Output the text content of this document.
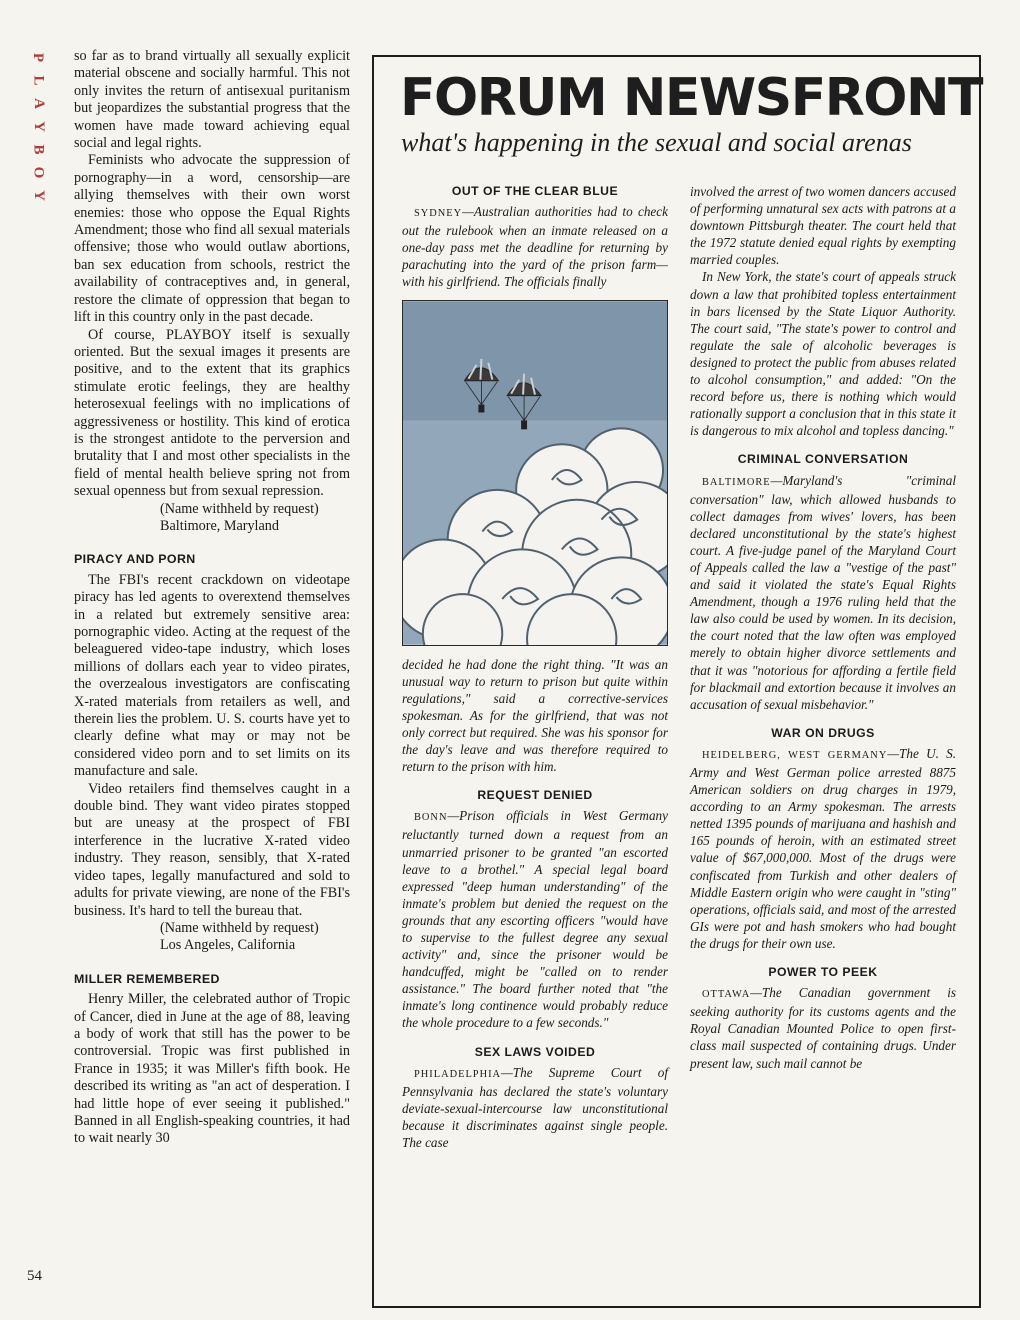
P
L
A
Y
B
O
Y
54

so far as to brand virtually all sexually explicit material obscene and socially harmful. This not only invites the return of antisexual puritanism but jeopardizes the substantial progress that the women have made toward achieving equal social and legal rights.

Feminists who advocate the suppression of pornography—in a word, censorship—are allying themselves with their own worst enemies: those who oppose the Equal Rights Amendment; those who find all sexual materials offensive; those who would outlaw abortions, ban sex education from schools, restrict the availability of contraceptives and, in general, restore the climate of oppression that began to lift in this country only in the past decade.

Of course, PLAYBOY itself is sexually oriented. But the sexual images it presents are positive, and to the extent that its graphics stimulate erotic feelings, they are healthy heterosexual feelings with no implications of aggressiveness or hostility. This kind of erotica is the strongest antidote to the perversion and brutality that I and most other specialists in the field of mental health believe spring not from sexual openness but from sexual repression.

(Name withheld by request)
Baltimore, Maryland
PIRACY AND PORN

The FBI's recent crackdown on videotape piracy has led agents to overextend themselves in a related but extremely sensitive area: pornographic video. Acting at the request of the beleaguered video-tape industry, which loses millions of dollars each year to video pirates, the overzealous investigators are confiscating X-rated materials from retailers as well, and therein lies the problem. U. S. courts have yet to clearly define what may or may not be considered video porn and to set limits on its manufacture and sale.

Video retailers find themselves caught in a double bind. They want video pirates stopped but are uneasy at the prospect of FBI interference in the lucrative X-rated video industry. They reason, sensibly, that X-rated video tapes, legally manufactured and sold to adults for private viewing, are none of the FBI's business. It's hard to tell the bureau that.

(Name withheld by request)
Los Angeles, California
MILLER REMEMBERED

Henry Miller, the celebrated author of Tropic of Cancer, died in June at the age of 88, leaving a body of work that still has the power to be controversial. Tropic was first published in France in 1935; it was Miller's fifth book. He described its writing as "an act of desperation. I had little hope of ever seeing it published." Banned in all English-speaking countries, it had to wait nearly 30

FORUM NEWSFRONT
what's happening in the sexual and social arenas
OUT OF THE CLEAR BLUE

SYDNEY—Australian authorities had to check out the rulebook when an inmate released on a one-day pass met the deadline for returning by parachuting into the yard of the prison farm—with his girlfriend. The officials finally

decided he had done the right thing. "It was an unusual way to return to prison but quite within regulations," said a corrective-services spokesman. As for the girlfriend, that was not only correct but required. She was his sponsor for the day's leave and was therefore required to return to the prison with him.

REQUEST DENIED

BONN—Prison officials in West Germany reluctantly turned down a request from an unmarried prisoner to be granted "an escorted leave to a brothel." A special legal board expressed "deep human understanding" of the inmate's problem but denied the request on the grounds that any escorting officers "would have to supervise to the fullest degree any sexual activity" and, since the prisoner would be handcuffed, might be "called on to render assistance." The board further noted that "the inmate's long continence would probably reduce the whole procedure to a few seconds."

SEX LAWS VOIDED

PHILADELPHIA—The Supreme Court of Pennsylvania has declared the state's voluntary deviate-sexual-intercourse law unconstitutional because it discriminates against single people. The case

involved the arrest of two women dancers accused of performing unnatural sex acts with patrons at a downtown Pittsburgh theater. The court held that the 1972 statute denied equal rights by exempting married couples.

In New York, the state's court of appeals struck down a law that prohibited topless entertainment in bars licensed by the State Liquor Authority. The court said, "The state's power to control and regulate the sale of alcoholic beverages is designed to protect the public from abuses related to alcohol consumption," and added: "On the record before us, there is nothing which would rationally support a conclusion that in this state it is dangerous to mix alcohol and topless dancing."

CRIMINAL CONVERSATION

BALTIMORE—Maryland's "criminal conversation" law, which allowed husbands to collect damages from wives' lovers, has been declared unconstitutional by the state's highest court. A five-judge panel of the Maryland Court of Appeals called the law a "vestige of the past" and said it violated the state's Equal Rights Amendment, though a 1976 ruling held that the law also could be used by women. In its decision, the court noted that the law often was employed merely to obtain higher divorce settlements and that it was "notorious for affording a fertile field for blackmail and extortion because it involves an accusation of sexual misbehavior."

WAR ON DRUGS

HEIDELBERG, WEST GERMANY—The U. S. Army and West German police arrested 8875 American soldiers on drug charges in 1979, according to an Army spokesman. The arrests netted 1395 pounds of marijuana and hashish and 165 pounds of heroin, with an estimated street value of $67,000,000. Most of the drugs were confiscated from Turkish and other dealers of Middle Eastern origin who were caught in "sting" operations, officials said, and most of the arrested GIs were pot and hash smokers who had bought the drugs for their own use.

POWER TO PEEK

OTTAWA—The Canadian government is seeking authority for its customs agents and the Royal Canadian Mounted Police to open first-class mail suspected of containing drugs. Under present law, such mail cannot be
